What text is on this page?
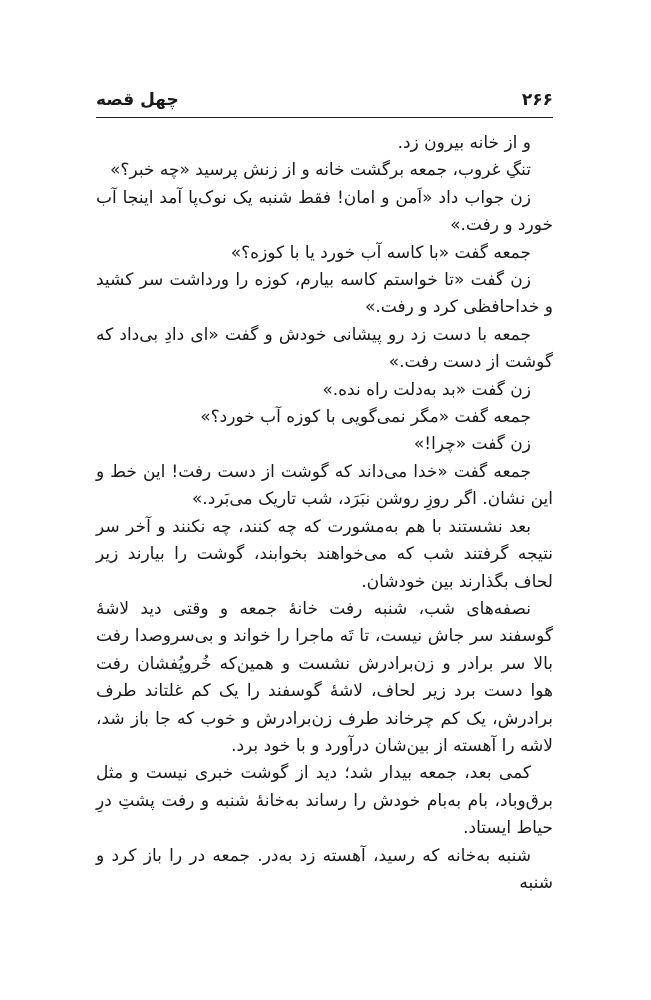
۲۶۶
چهل قصه

و از خانه بیرون زد.

تنگِ غروب، جمعه برگشت خانه و از زنش پرسید «چه خبر؟»

زن جواب داد «اَمن و امان! فقط شنبه یک نوک‌پا آمد اینجا آب خورد و رفت.»

جمعه گفت «با کاسه آب خورد یا با کوزه؟»

زن گفت «تا خواستم کاسه بیارم، کوزه را ورداشت سر کشید و خداحافظی کرد و رفت.»

جمعه با دست زد رو پیشانی خودش و گفت «ای دادِ بی‌داد که گوشت از دست رفت.»

زن گفت «بد به‌دلت راه نده.»

جمعه گفت «مگر نمی‌گویی با کوزه آب خورد؟»

زن گفت «چرا!»

جمعه گفت «خدا می‌داند که گوشت از دست رفت! این خط و این نشان. اگر روزِ روشن نبَرَد، شب تاریک می‌بَرد.»

بعد نشستند با هم به‌مشورت که چه کنند، چه نکنند و آخر سر نتیجه گرفتند شب که می‌خواهند بخوابند، گوشت را بیارند زیر لحاف بگذارند بین خودشان.

نصفه‌های شب، شنبه رفت خانهٔ جمعه و وقتی دید لاشهٔ گوسفند سر جاش نیست، تا تَه ماجرا را خواند و بی‌سروصدا رفت بالا سر برادر و زن‌برادرش نشست و همین‌که خُروپُفشان رفت هوا دست برد زیر لحاف، لاشهٔ گوسفند را یک کم غلتاند طرف برادرش، یک کم چرخاند طرف زن‌برادرش و خوب که جا باز شد، لاشه را آهسته از بین‌شان درآورد و با خود برد.

کمی بعد، جمعه بیدار شد؛ دید از گوشت خبری نیست و مثل برق‌وباد، بام به‌بام خودش را رساند به‌خانهٔ شنبه و رفت پشتِ درِ حیاط ایستاد.

شنبه به‌خانه که رسید، آهسته زد به‌در. جمعه در را باز کرد و شنبه
